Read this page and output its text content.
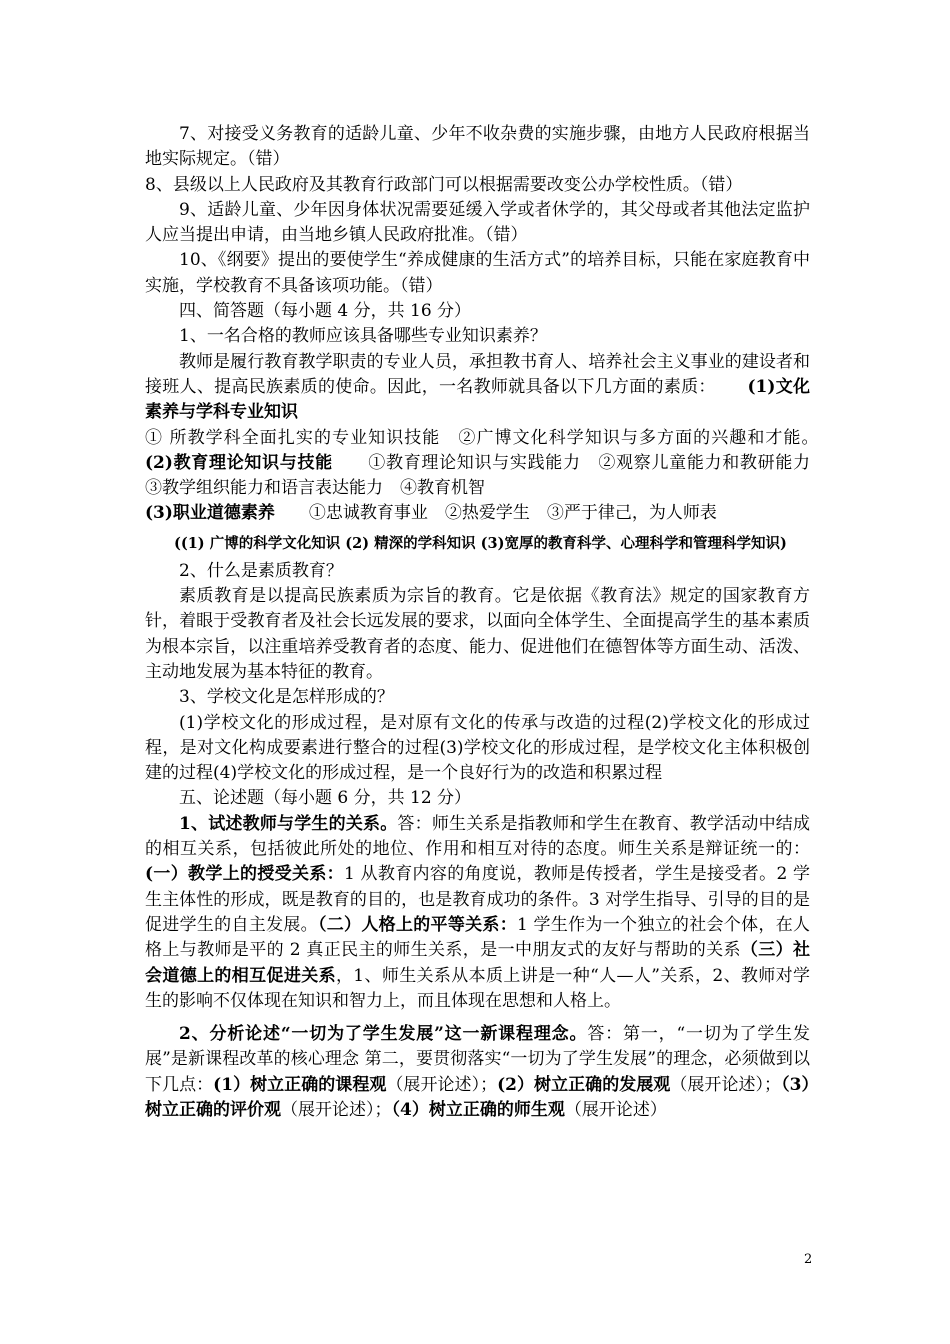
7、对接受义务教育的适龄儿童、少年不收杂费的实施步骤，由地方人民政府根据当地实际规定。（错）

8、县级以上人民政府及其教育行政部门可以根据需要改变公办学校性质。（错）

9、适龄儿童、少年因身体状况需要延缓入学或者休学的，其父母或者其他法定监护人应当提出申请，由当地乡镇人民政府批准。（错）

10、《纲要》提出的要使学生“养成健康的生活方式”的培养目标，只能在家庭教育中实施，学校教育不具备该项功能。（错）

四、简答题（每小题 4 分，共 16 分）

1、一名合格的教师应该具备哪些专业知识素养？

教师是履行教育教学职责的专业人员，承担教书育人、培养社会主义事业的建设者和接班人、提高民族素质的使命。因此，一名教师就具备以下几方面的素质：　　 (1)文化素养与学科专业知识

① 所教学科全面扎实的专业知识技能　②广博文化科学知识与多方面的兴趣和才能。　　　(2)教育理论知识与技能　　 ①教育理论知识与实践能力　②观察儿童能力和教研能力　　③教学组织能力和语言表达能力　④教育机智

(3)职业道德素养　　 ①忠诚教育事业　②热爱学生　③严于律己，为人师表

((1) 广博的科学文化知识 (2) 精深的学科知识 (3)宽厚的教育科学、心理科学和管理科学知识)

2、什么是素质教育？

素质教育是以提高民族素质为宗旨的教育。它是依据《教育法》规定的国家教育方针，着眼于受教育者及社会长远发展的要求，以面向全体学生、全面提高学生的基本素质为根本宗旨，以注重培养受教育者的态度、能力、促进他们在德智体等方面生动、活泼、主动地发展为基本特征的教育。

3、学校文化是怎样形成的？

(1)学校文化的形成过程，是对原有文化的传承与改造的过程(2)学校文化的形成过程，是对文化构成要素进行整合的过程(3)学校文化的形成过程，是学校文化主体积极创建的过程(4)学校文化的形成过程，是一个良好行为的改造和积累过程

五、论述题（每小题 6 分，共 12 分）

1、试述教师与学生的关系。答：师生关系是指教师和学生在教育、教学活动中结成的相互关系，包括彼此所处的地位、作用和相互对待的态度。师生关系是辩证统一的：(一）教学上的授受关系：1 从教育内容的角度说，教师是传授者，学生是接受者。2 学生主体性的形成，既是教育的目的，也是教育成功的条件。3 对学生指导、引导的目的是促进学生的自主发展。（二）人格上的平等关系：1 学生作为一个独立的社会个体，在人格上与教师是平的 2 真正民主的师生关系，是一中朋友式的友好与帮助的关系（三）社会道德上的相互促进关系，1、师生关系从本质上讲是一种“人—人”关系，2、教师对学生的影响不仅体现在知识和智力上，而且体现在思想和人格上。

2、分析论述“一切为了学生发展”这一新课程理念。答：第一，“一切为了学生发展”是新课程改革的核心理念 第二，要贯彻落实“一切为了学生发展”的理念，必须做到以下几点：(1）树立正确的课程观（展开论述）；(2）树立正确的发展观（展开论述）；（3）树立正确的评价观（展开论述）；（4）树立正确的师生观（展开论述）

2
